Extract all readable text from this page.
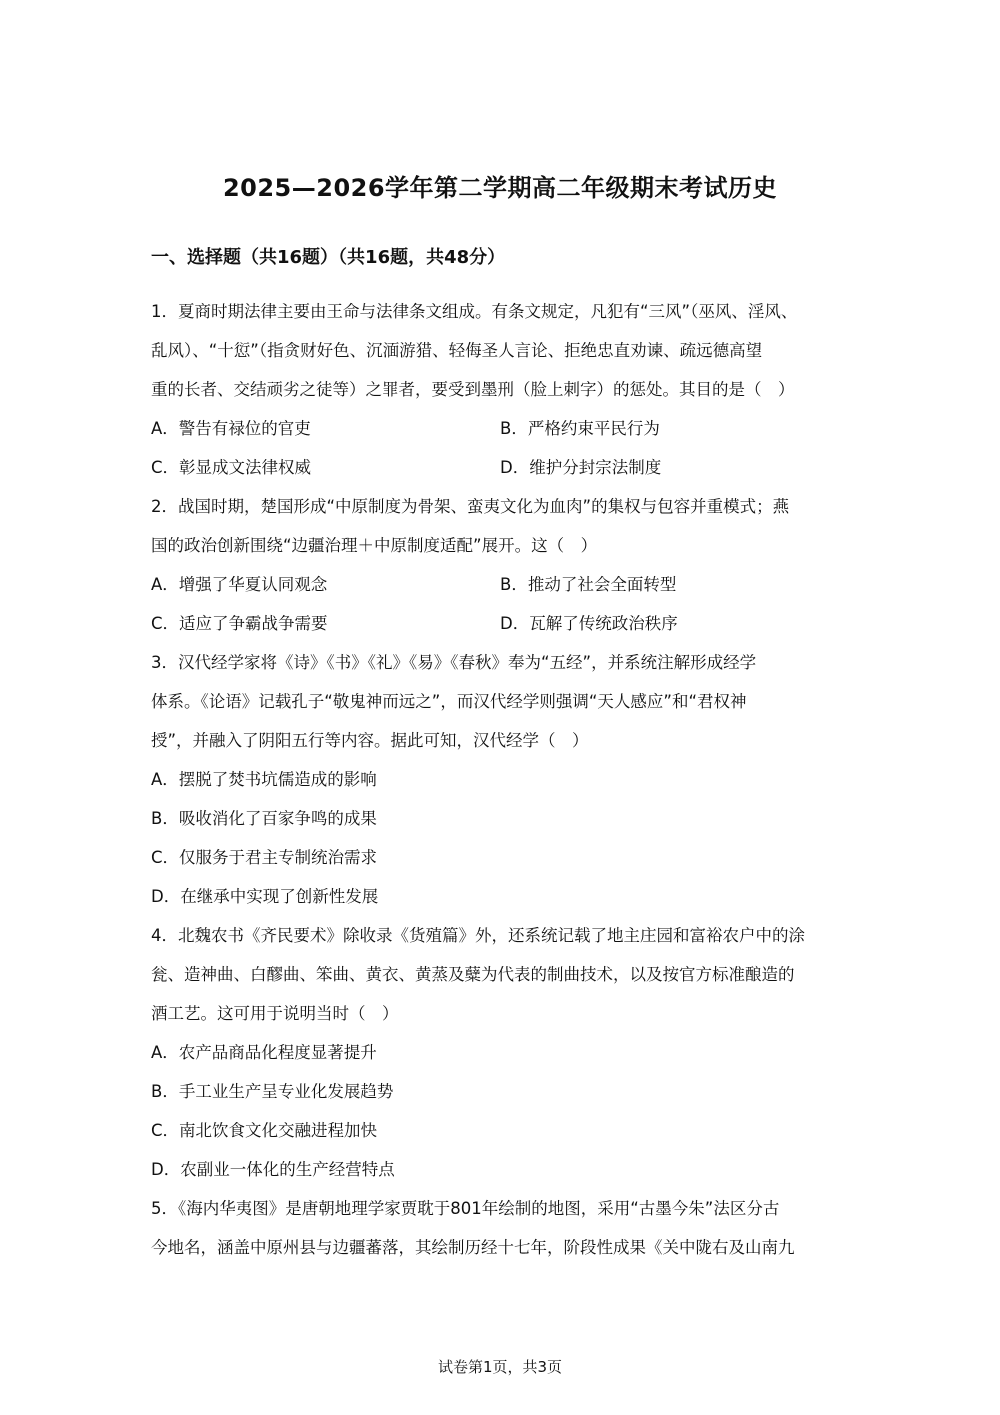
2025—2026学年第二学期高二年级期末考试历史
一、选择题（共16题）（共16题，共48分）
1．夏商时期法律主要由王命与法律条文组成。有条文规定，凡犯有“三风”（巫风、淫风、
乱风）、“十愆”（指贪财好色、沉湎游猎、轻侮圣人言论、拒绝忠直劝谏、疏远德高望
重的长者、交结顽劣之徒等）之罪者，要受到墨刑（脸上刺字）的惩处。其目的是（　）
A．警告有禄位的官吏	B．严格约束平民行为
C．彰显成文法律权威	D．维护分封宗法制度
2．战国时期，楚国形成“中原制度为骨架、蛮夷文化为血肉”的集权与包容并重模式；燕
国的政治创新围绕“边疆治理＋中原制度适配”展开。这（　）
A．增强了华夏认同观念	B．推动了社会全面转型
C．适应了争霸战争需要	D．瓦解了传统政治秩序
3．汉代经学家将《诗》《书》《礼》《易》《春秋》奉为“五经”，并系统注解形成经学
体系。《论语》记载孔子“敬鬼神而远之”，而汉代经学则强调“天人感应”和“君权神
授”，并融入了阴阳五行等内容。据此可知，汉代经学（　）
A．摆脱了焚书坑儒造成的影响
B．吸收消化了百家争鸣的成果
C．仅服务于君主专制统治需求
D．在继承中实现了创新性发展
4．北魏农书《齐民要术》除收录《货殖篇》外，还系统记载了地主庄园和富裕农户中的涂
瓮、造神曲、白醪曲、笨曲、黄衣、黄蒸及糵为代表的制曲技术，以及按官方标准酿造的
酒工艺。这可用于说明当时（　）
A．农产品商品化程度显著提升
B．手工业生产呈专业化发展趋势
C．南北饮食文化交融进程加快
D．农副业一体化的生产经营特点
5．《海内华夷图》是唐朝地理学家贾耽于801年绘制的地图，采用“古墨今朱”法区分古
今地名，涵盖中原州县与边疆蕃落，其绘制历经十七年，阶段性成果《关中陇右及山南九
试卷第1页，共3页
